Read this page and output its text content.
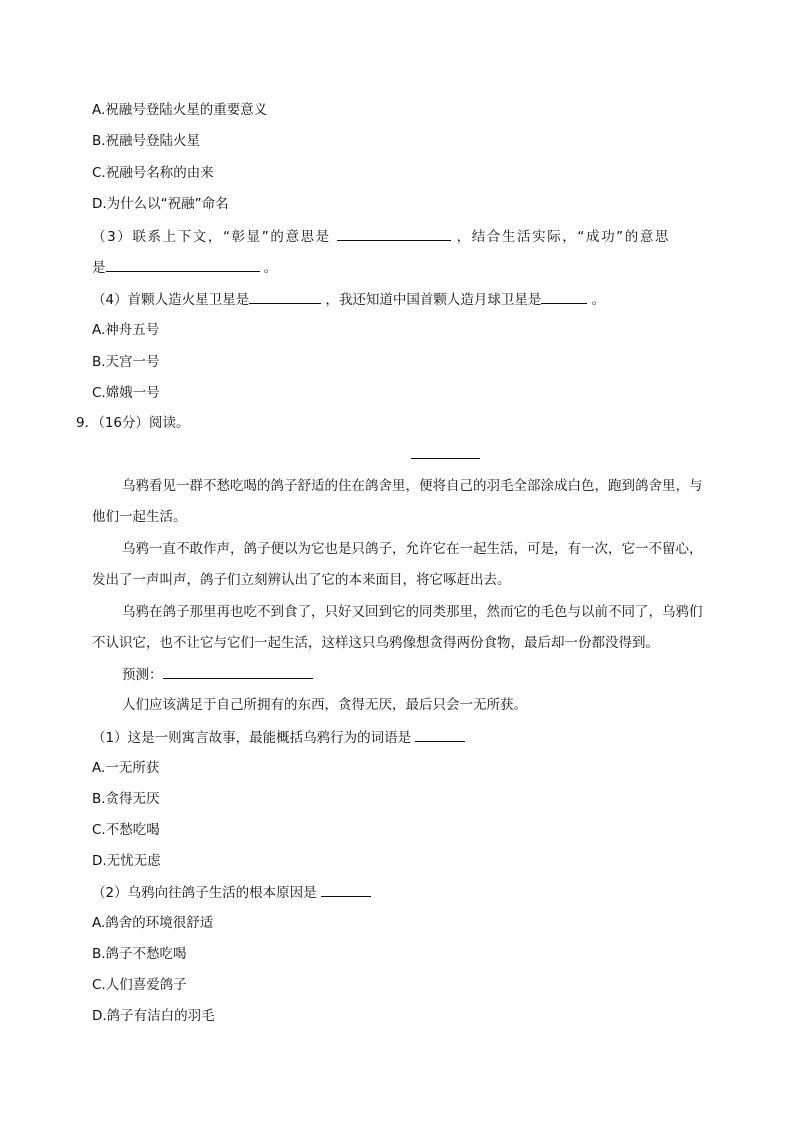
A.祝融号登陆火星的重要意义
B.祝融号登陆火星
C.祝融号名称的由来
D.为什么以“祝融”命名
（3）联系上下文，“彰显”的意思是	，结合生活实际，“成功”的意思
是	。
（4）首颗人造火星卫星是	，我还知道中国首颗人造月球卫星是	。
A.神舟五号
B.天宫一号
C.嫦娥一号
9．（16分）阅读。
乌鸦看见一群不愁吃喝的鸽子舒适的住在鸽舍里，便将自己的羽毛全部涂成白色，跑到鸽舍里，与
他们一起生活。
乌鸦一直不敢作声，鸽子便以为它也是只鸽子，允许它在一起生活，可是，有一次，它一不留心，
发出了一声叫声，鸽子们立刻辨认出了它的本来面目，将它啄赶出去。
乌鸦在鸽子那里再也吃不到食了，只好又回到它的同类那里，然而它的毛色与以前不同了，乌鸦们
不认识它，也不让它与它们一起生活，这样这只乌鸦像想贪得两份食物，最后却一份都没得到。
预测：
人们应该满足于自己所拥有的东西，贪得无厌，最后只会一无所获。
（1）这是一则寓言故事，最能概括乌鸦行为的词语是
A.一无所获
B.贪得无厌
C.不愁吃喝
D.无忧无虑
（2）乌鸦向往鸽子生活的根本原因是
A.鸽舍的环境很舒适
B.鸽子不愁吃喝
C.人们喜爱鸽子
D.鸽子有洁白的羽毛
